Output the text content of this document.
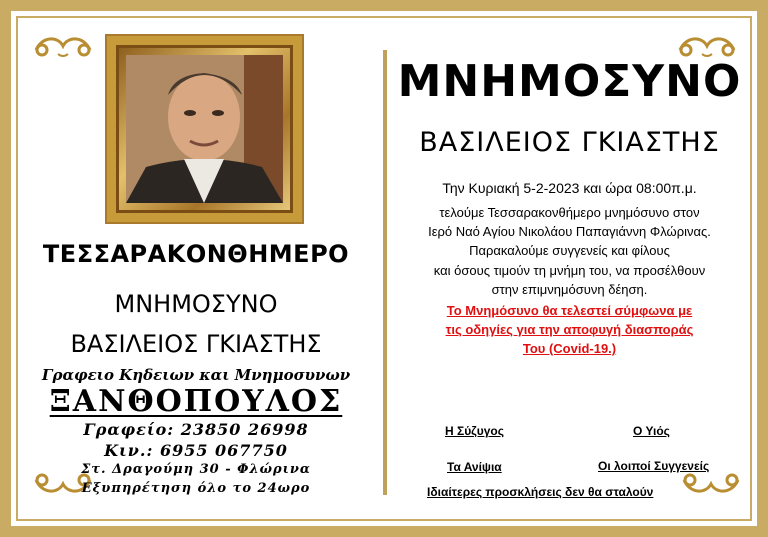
ΤΕΣΣΑΡΑΚΟΝΘΗΜΕΡΟ
ΜΝΗΜΟΣΥΝΟ
ΒΑΣΙΛΕΙΟΣ ΓΚΙΑΣΤΗΣ
Γραφειο Κηδειων και Μνημοσυνων
ΞΑΝΘΟΠΟΥΛΟΣ
Γραφείο: 23850 26998
Κιν.: 6955 067750
Στ. Δραγούμη 30 - Φλώρινα
Εξυπηρέτηση όλο το 24ωρο
ΜΝΗΜΟΣΥΝΟ
ΒΑΣΙΛΕΙΟΣ ΓΚΙΑΣΤΗΣ
Την Κυριακή 5-2-2023 και ώρα 08:00π.μ.
τελούμε Τεσσαρακονθήμερο μνημόσυνο στον
Ιερό Ναό Αγίου Νικολάου Παπαγιάννη Φλώρινας.
Παρακαλούμε συγγενείς και φίλους
και όσους τιμούν τη μνήμη του, να προσέλθουν
στην επιμνημόσυνη δέηση.
Το Μνημόσυνο θα τελεστεί σύμφωνα με
τις οδηγίες για την αποφυγή διασποράς
Του (Covid-19.)
Η Σύζυγος	Ο Υιός
Τα Ανίψια	Οι λοιποί Συγγενείς
Ιδιαίτερες προσκλήσεις δεν θα σταλούν
